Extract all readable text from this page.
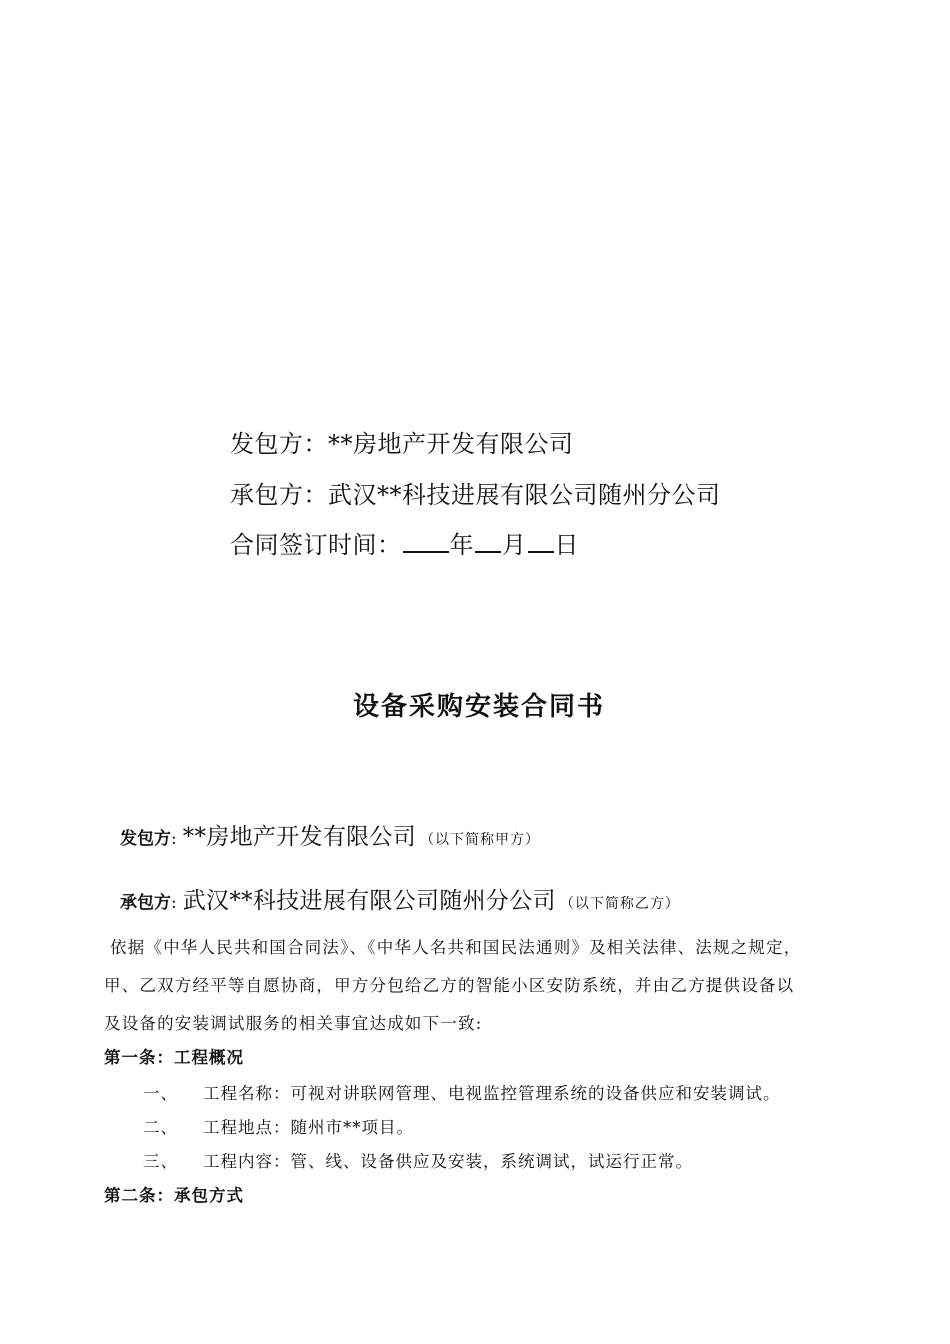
发包方：**房地产开发有限公司
承包方：武汉**科技进展有限公司随州分公司
合同签订时间： 年 月 日
设备采购安装合同书
发包方: **房地产开发有限公司 （以下简称甲方）
承包方: 武汉**科技进展有限公司随州分公司 （以下简称乙方）
依据《中华人民共和国合同法》、《中华人名共和国民法通则》及相关法律、法规之规定，
甲、乙双方经平等自愿协商，甲方分包给乙方的智能小区安防系统，并由乙方提供设备以
及设备的安装调试服务的相关事宜达成如下一致:
第一条：工程概况
一、 工程名称：可视对讲联网管理、电视监控管理系统的设备供应和安装调试。
二、 工程地点：随州市**项目。
三、 工程内容：管、线、设备供应及安装，系统调试，试运行正常。
第二条：承包方式
